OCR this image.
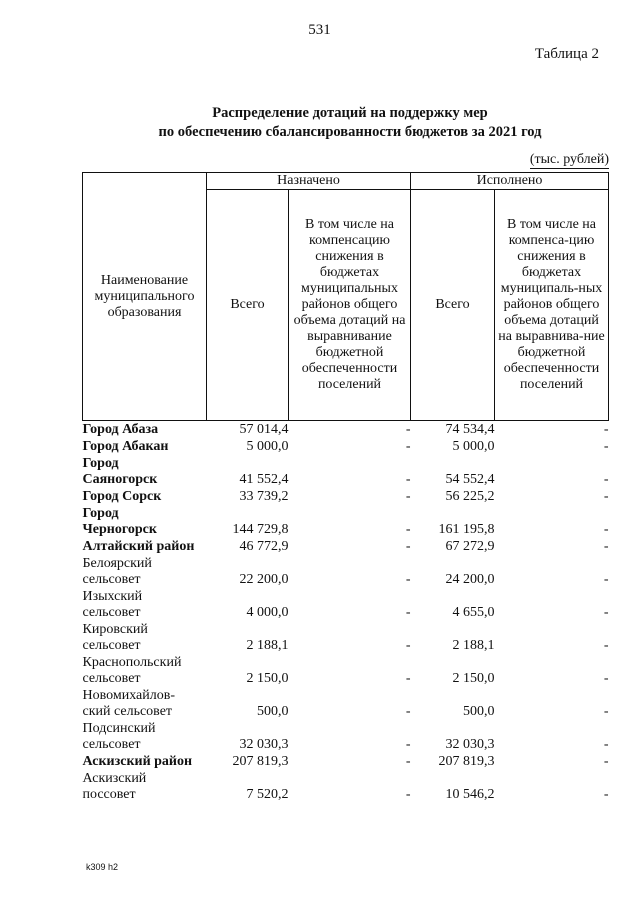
531
Таблица 2
Распределение дотаций на поддержку мер
по обеспечению сбалансированности бюджетов за 2021 год
(тыс. рублей)
Наименование муниципального образования	Назначено		Исполнено	
	Всего	В том числе на компенсацию снижения в бюджетах муниципальных районов общего объема дотаций на выравнивание бюджетной обеспеченности поселений	Всего	В том числе на компенса-цию снижения в бюджетах муниципаль-ных районов общего объема дотаций на выравнива-ние бюджетной обеспеченности поселений

Город Абаза	57 014,4	-	74 534,4	-

Город Абакан	5 000,0	-	5 000,0	-

Город
Саяногорск	41 552,4	-	54 552,4	-

Город Сорск	33 739,2	-	56 225,2	-

Город
Черногорск	144 729,8	-	161 195,8	-

Алтайский район	46 772,9	-	67 272,9	-

Белоярский
сельсовет	22 200,0	-	24 200,0	-

Изыхский
сельсовет	4 000,0	-	4 655,0	-

Кировский
сельсовет	2 188,1	-	2 188,1	-

Краснопольский
сельсовет	2 150,0	-	2 150,0	-

Новомихайлов-
ский сельсовет	500,0	-	500,0	-

Подсинский
сельсовет	32 030,3	-	32 030,3	-

Аскизский район	207 819,3	-	207 819,3	-

Аскизский
поссовет	7 520,2	-	10 546,2	-
k309 h2
